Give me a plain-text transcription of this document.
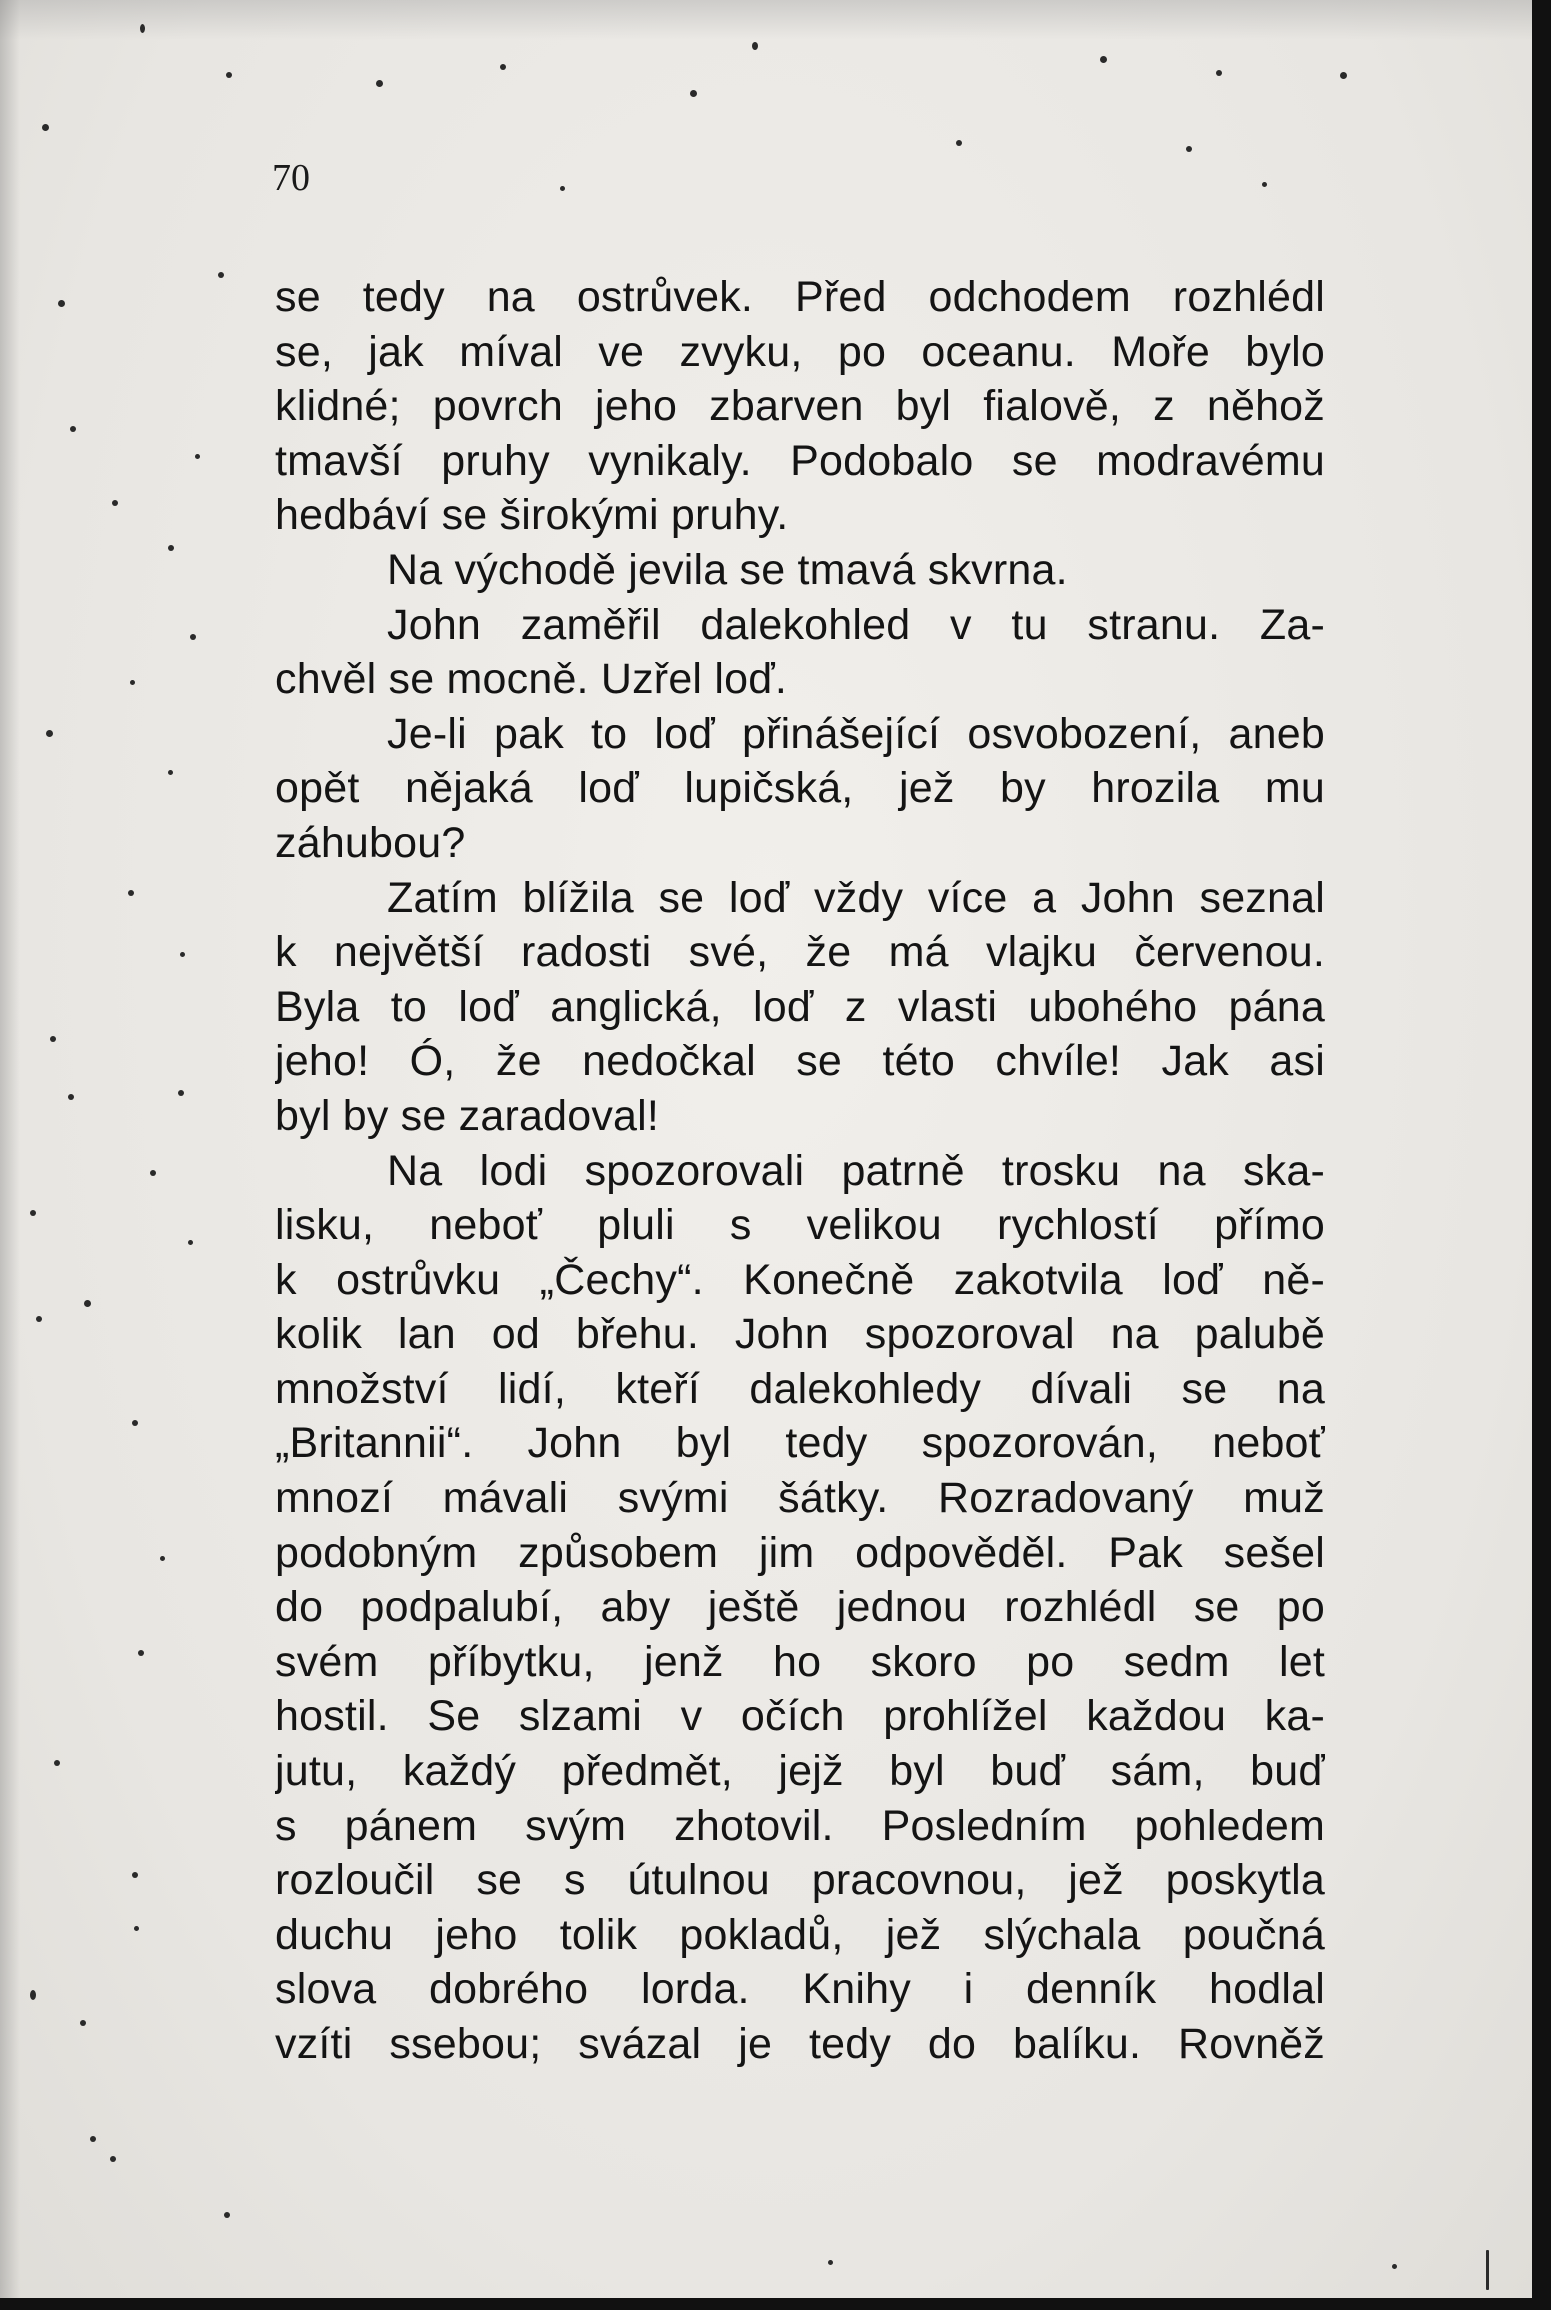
70
se tedy na ostrůvek. Před odchodem rozhlédl
se, jak míval ve zvyku, po oceanu. Moře bylo
klidné; povrch jeho zbarven byl fialově, z něhož
tmavší pruhy vynikaly. Podobalo se modravému
hedbáví se širokými pruhy.
Na východě jevila se tmavá skvrna.
John zaměřil dalekohled v tu stranu. Za-
chvěl se mocně. Uzřel loď.
Je-li pak to loď přinášející osvobození, aneb
opět nějaká loď lupičská, jež by hrozila mu
záhubou?
Zatím blížila se loď vždy více a John seznal
k největší radosti své, že má vlajku červenou.
Byla to loď anglická, loď z vlasti ubohého pána
jeho! Ó, že nedočkal se této chvíle! Jak asi
byl by se zaradoval!
Na lodi spozorovali patrně trosku na ska-
lisku, neboť pluli s velikou rychlostí přímo
k ostrůvku „Čechy“. Konečně zakotvila loď ně-
kolik lan od břehu. John spozoroval na palubě
množství lidí, kteří dalekohledy dívali se na
„Britannii“. John byl tedy spozorován, neboť
mnozí mávali svými šátky. Rozradovaný muž
podobným způsobem jim odpověděl. Pak sešel
do podpalubí, aby ještě jednou rozhlédl se po
svém příbytku, jenž ho skoro po sedm let
hostil. Se slzami v očích prohlížel každou ka-
jutu, každý předmět, jejž byl buď sám, buď
s pánem svým zhotovil. Posledním pohledem
rozloučil se s útulnou pracovnou, jež poskytla
duchu jeho tolik pokladů, jež slýchala poučná
slova dobrého lorda. Knihy i denník hodlal
vzíti ssebou; svázal je tedy do balíku. Rovněž
